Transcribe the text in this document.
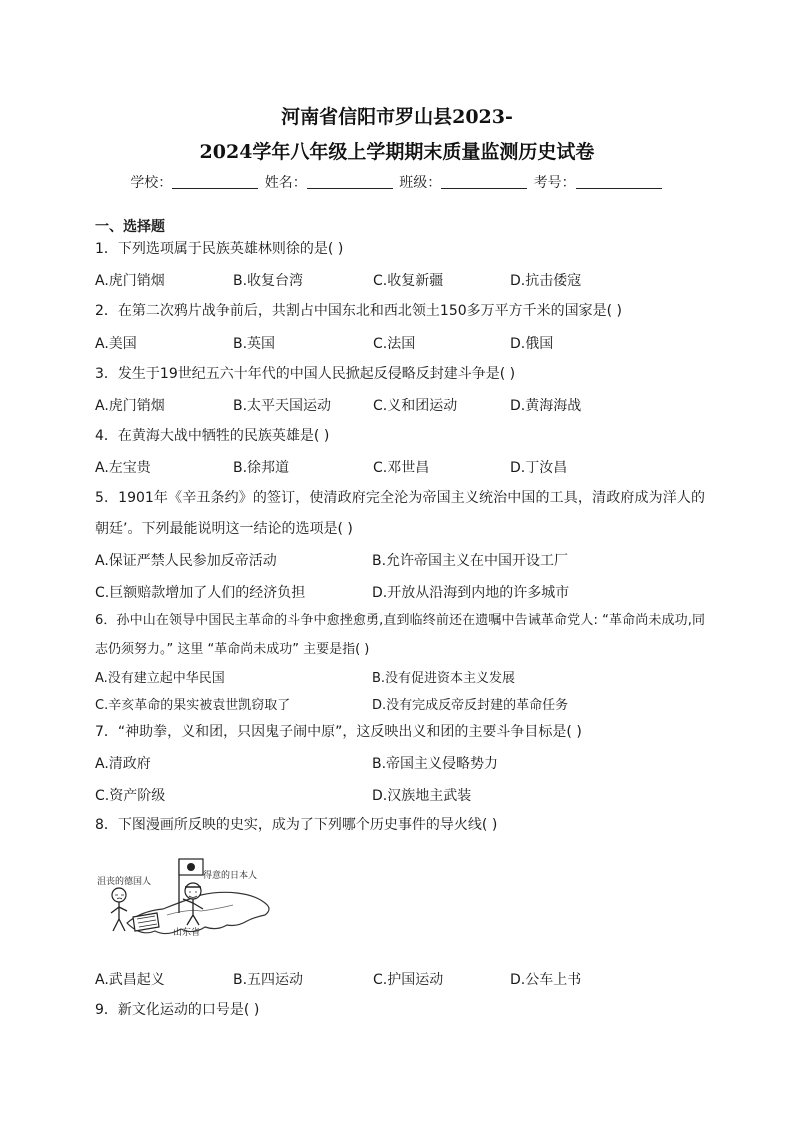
河南省信阳市罗山县2023-
2024学年八年级上学期期末质量监测历史试卷
学校：	姓名：	班级：	考号：
一、选择题
1．下列选项属于民族英雄林则徐的是( )
A.虎门销烟	B.收复台湾	C.收复新疆	D.抗击倭寇
2．在第二次鸦片战争前后，共割占中国东北和西北领土150多万平方千米的国家是( )
A.美国	B.英国	C.法国	D.俄国
3．发生于19世纪五六十年代的中国人民掀起反侵略反封建斗争是( )
A.虎门销烟	B.太平天国运动	C.义和团运动	D.黄海海战
4．在黄海大战中牺牲的民族英雄是( )
A.左宝贵	B.徐邦道	C.邓世昌	D.丁汝昌
5．1901年《辛丑条约》的签订，使清政府完全沦为帝国主义统治中国的工具，清政府成为洋人的朝廷’。下列最能说明这一结论的选项是( )
A.保证严禁人民参加反帝活动	B.允许帝国主义在中国开设工厂
C.巨额赔款增加了人们的经济负担	D.开放从沿海到内地的许多城市
6．孙中山在领导中国民主革命的斗争中愈挫愈勇,直到临终前还在遗嘱中告诫革命党人: “革命尚未成功,同志仍须努力。” 这里 “革命尚未成功” 主要是指( )
A.没有建立起中华民国	B.没有促进资本主义发展
C.辛亥革命的果实被袁世凯窃取了	D.没有完成反帝反封建的革命任务
7．“神助拳，义和团，只因鬼子闹中原”，这反映出义和团的主要斗争目标是( )
A.清政府	B.帝国主义侵略势力
C.资产阶级	D.汉族地主武装
8．下图漫画所反映的史实，成为了下列哪个历史事件的导火线( )
沮丧的德国人
得意的日本人
山东省
A.武昌起义	B.五四运动	C.护国运动	D.公车上书
9．新文化运动的口号是( )
